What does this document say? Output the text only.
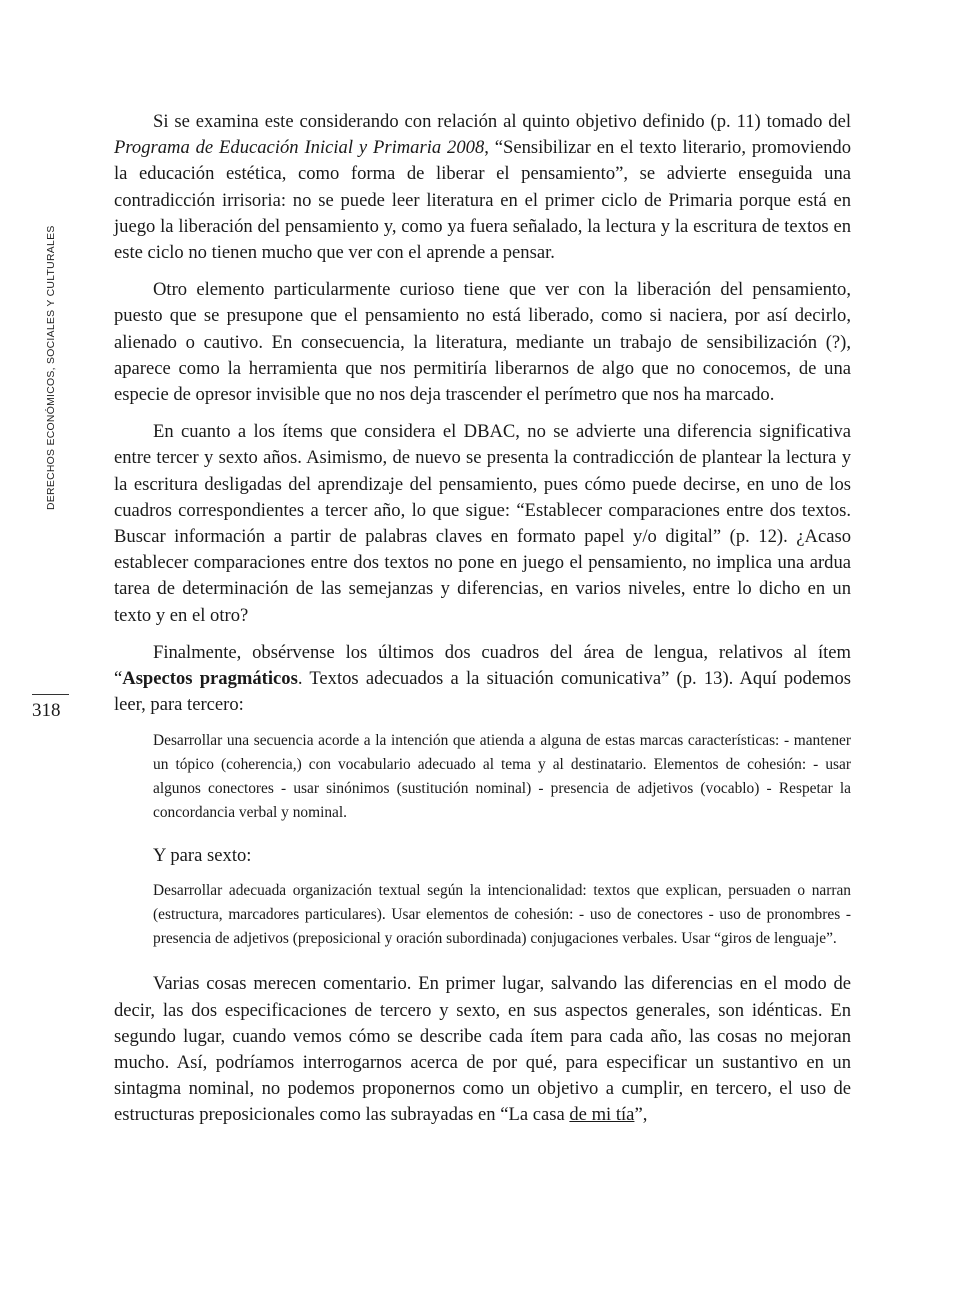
DERECHOS ECONÓMICOS, SOCIALES Y CULTURALES
318

Si se examina este considerando con relación al quinto objetivo definido (p. 11) tomado del Programa de Educación Inicial y Primaria 2008, “Sensibilizar en el texto literario, promoviendo la educación estética, como forma de liberar el pensamiento”, se advierte enseguida una contradicción irrisoria: no se puede leer literatura en el primer ciclo de Primaria porque está en juego la liberación del pensamiento y, como ya fuera señalado, la lectura y la escritura de textos en este ciclo no tienen mucho que ver con el aprende a pensar.

Otro elemento particularmente curioso tiene que ver con la liberación del pensamiento, puesto que se presupone que el pensamiento no está liberado, como si naciera, por así decirlo, alienado o cautivo. En consecuencia, la literatura, mediante un trabajo de sensibilización (?), aparece como la herramienta que nos permitiría liberarnos de algo que no conocemos, de una especie de opresor invisible que no nos deja trascender el perímetro que nos ha marcado.

En cuanto a los ítems que considera el DBAC, no se advierte una diferencia significativa entre tercer y sexto años. Asimismo, de nuevo se presenta la contradicción de plantear la lectura y la escritura desligadas del aprendizaje del pensamiento, pues cómo puede decirse, en uno de los cuadros correspondientes a tercer año, lo que sigue: “Establecer comparaciones entre dos textos. Buscar información a partir de palabras claves en formato papel y/o digital” (p. 12). ¿Acaso establecer comparaciones entre dos textos no pone en juego el pensamiento, no implica una ardua tarea de determinación de las semejanzas y diferencias, en varios niveles, entre lo dicho en un texto y en el otro?

Finalmente, obsérvense los últimos dos cuadros del área de lengua, relativos al ítem “Aspectos pragmáticos. Textos adecuados a la situación comunicativa” (p. 13). Aquí podemos leer, para tercero:

Desarrollar una secuencia acorde a la intención que atienda a alguna de estas marcas características: - mantener un tópico (coherencia,) con vocabulario adecuado al tema y al destinatario. Elementos de cohesión: - usar algunos conectores - usar sinónimos (sustitución nominal) - presencia de adjetivos (vocablo) - Respetar la concordancia verbal y nominal.

Y para sexto:

Desarrollar adecuada organización textual según la intencionalidad: textos que explican, persuaden o narran (estructura, marcadores particulares). Usar elementos de cohesión: - uso de conectores - uso de pronombres - presencia de adjetivos (preposicional y oración subordinada) conjugaciones verbales. Usar “giros de lenguaje”.

Varias cosas merecen comentario. En primer lugar, salvando las diferencias en el modo de decir, las dos especificaciones de tercero y sexto, en sus aspectos generales, son idénticas. En segundo lugar, cuando vemos cómo se describe cada ítem para cada año, las cosas no mejoran mucho. Así, podríamos interrogarnos acerca de por qué, para especificar un sustantivo en un sintagma nominal, no podemos proponernos como un objetivo a cumplir, en tercero, el uso de estructuras preposicionales como las subrayadas en “La casa de mi tía”,
